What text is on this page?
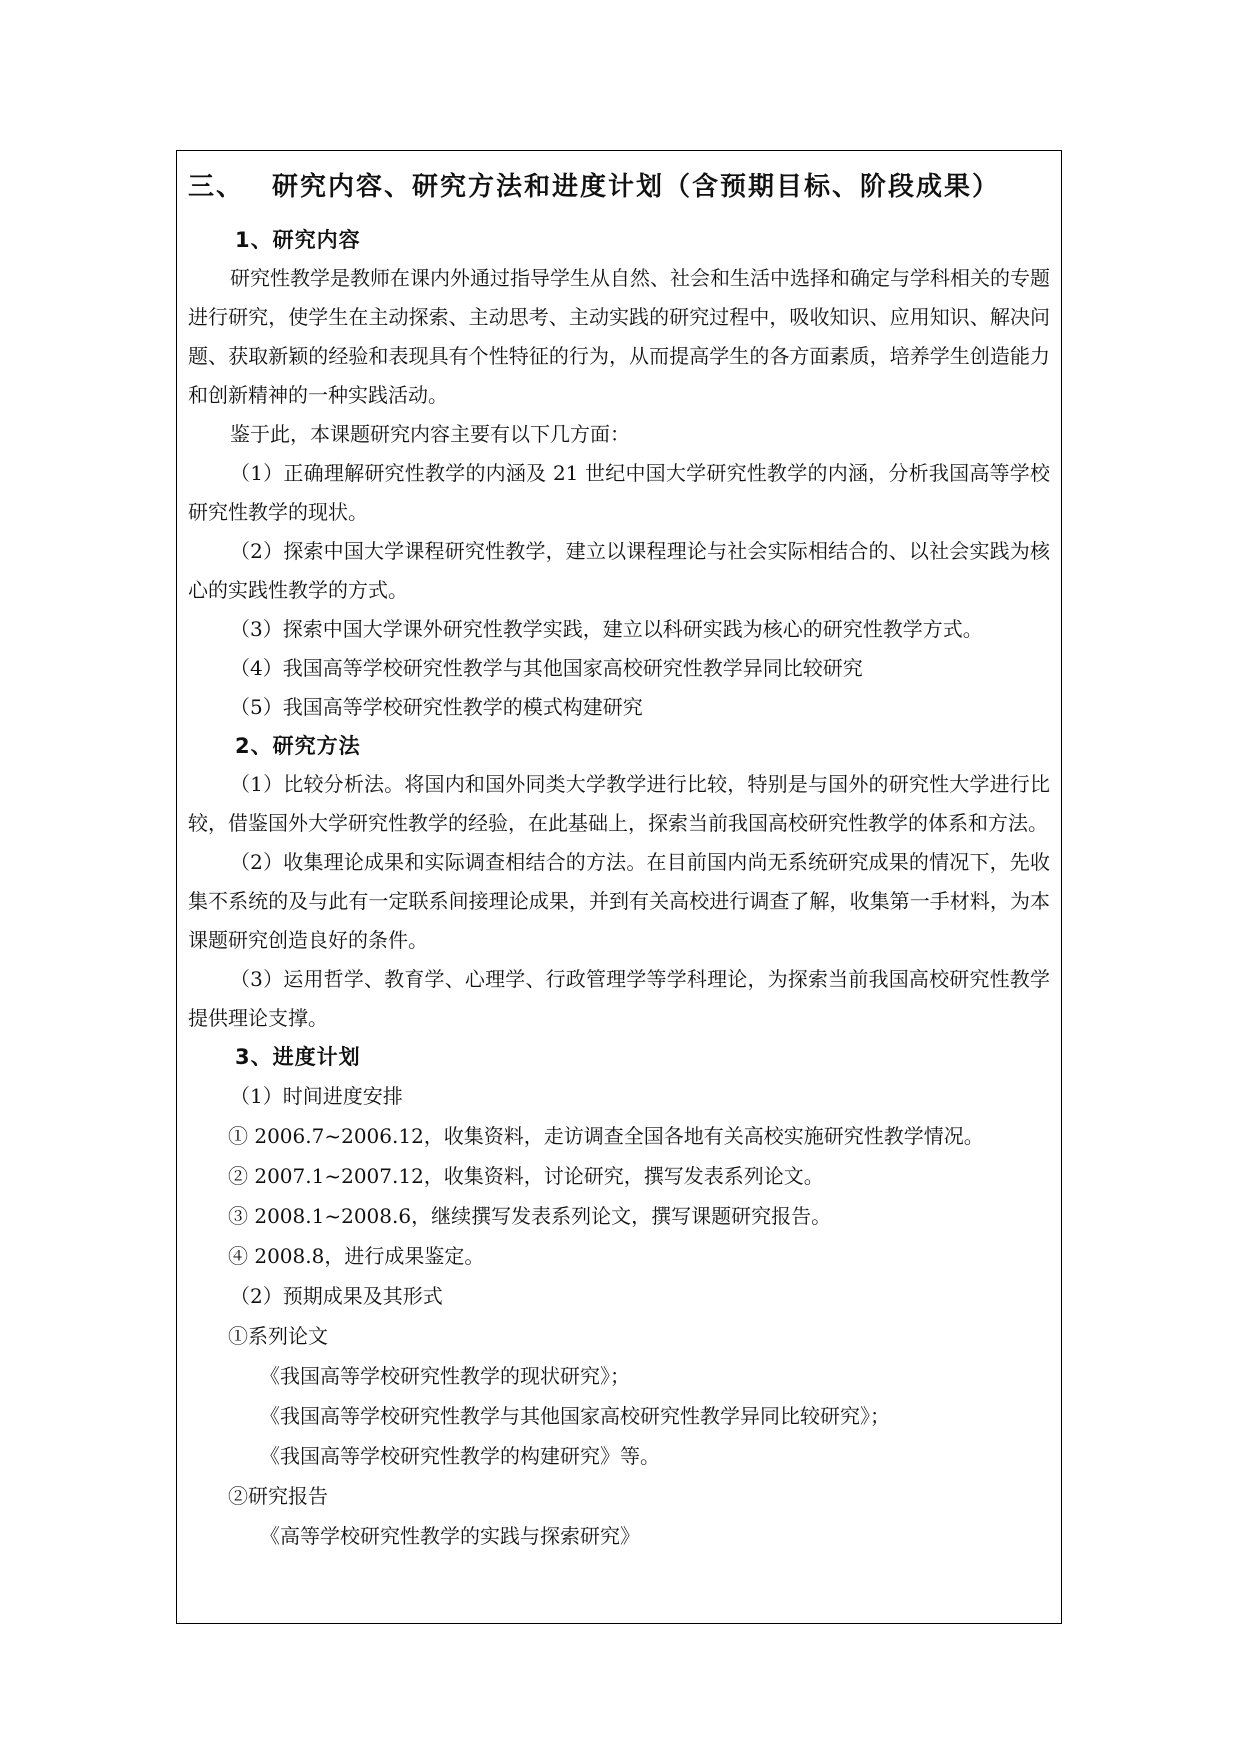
三、 研究内容、研究方法和进度计划（含预期目标、阶段成果）
1、研究内容

研究性教学是教师在课内外通过指导学生从自然、社会和生活中选择和确定与学科相关的专题进行研究，使学生在主动探索、主动思考、主动实践的研究过程中，吸收知识、应用知识、解决问题、获取新颖的经验和表现具有个性特征的行为，从而提高学生的各方面素质，培养学生创造能力和创新精神的一种实践活动。

鉴于此，本课题研究内容主要有以下几方面：

（1）正确理解研究性教学的内涵及 21 世纪中国大学研究性教学的内涵，分析我国高等学校研究性教学的现状。

（2）探索中国大学课程研究性教学，建立以课程理论与社会实际相结合的、以社会实践为核心的实践性教学的方式。

（3）探索中国大学课外研究性教学实践，建立以科研实践为核心的研究性教学方式。

（4）我国高等学校研究性教学与其他国家高校研究性教学异同比较研究

（5）我国高等学校研究性教学的模式构建研究

2、研究方法

（1）比较分析法。将国内和国外同类大学教学进行比较，特别是与国外的研究性大学进行比较，借鉴国外大学研究性教学的经验，在此基础上，探索当前我国高校研究性教学的体系和方法。

（2）收集理论成果和实际调查相结合的方法。在目前国内尚无系统研究成果的情况下，先收集不系统的及与此有一定联系间接理论成果，并到有关高校进行调查了解，收集第一手材料，为本课题研究创造良好的条件。

（3）运用哲学、教育学、心理学、行政管理学等学科理论，为探索当前我国高校研究性教学提供理论支撑。

3、进度计划

（1）时间进度安排

① 2006.7~2006.12，收集资料，走访调查全国各地有关高校实施研究性教学情况。

② 2007.1~2007.12，收集资料，讨论研究，撰写发表系列论文。

③ 2008.1~2008.6，继续撰写发表系列论文，撰写课题研究报告。

④ 2008.8，进行成果鉴定。

（2）预期成果及其形式

①系列论文

《我国高等学校研究性教学的现状研究》；

《我国高等学校研究性教学与其他国家高校研究性教学异同比较研究》；

《我国高等学校研究性教学的构建研究》等。

②研究报告

《高等学校研究性教学的实践与探索研究》
